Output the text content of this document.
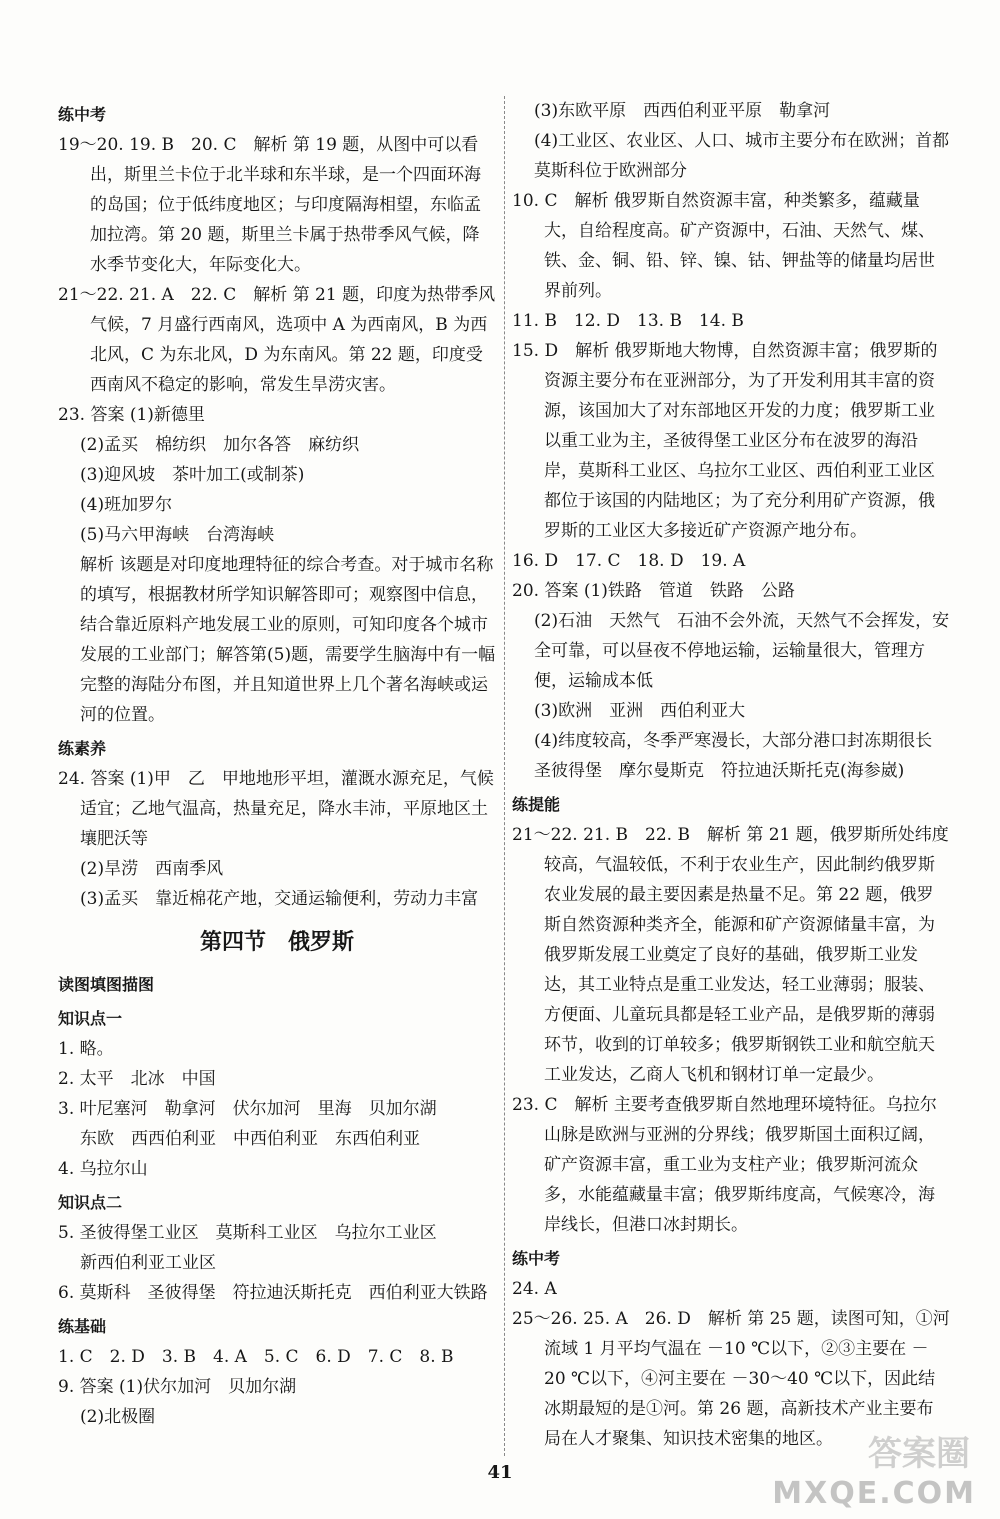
练中考

19～20. 19. B　20. C　解析 第 19 题，从图中可以看出，斯里兰卡位于北半球和东半球，是一个四面环海的岛国；位于低纬度地区；与印度隔海相望，东临孟加拉湾。第 20 题，斯里兰卡属于热带季风气候，降水季节变化大，年际变化大。

21～22. 21. A　22. C　解析 第 21 题，印度为热带季风气候，7 月盛行西南风，选项中 A 为西南风，B 为西北风，C 为东北风，D 为东南风。第 22 题，印度受西南风不稳定的影响，常发生旱涝灾害。

23. 答案 (1)新德里

(2)孟买　棉纺织　加尔各答　麻纺织

(3)迎风坡　茶叶加工(或制茶)

(4)班加罗尔

(5)马六甲海峡　台湾海峡

解析 该题是对印度地理特征的综合考查。对于城市名称的填写，根据教材所学知识解答即可；观察图中信息，结合靠近原料产地发展工业的原则，可知印度各个城市发展的工业部门；解答第(5)题，需要学生脑海中有一幅完整的海陆分布图，并且知道世界上几个著名海峡或运河的位置。

练素养

24. 答案 (1)甲　乙　甲地地形平坦，灌溉水源充足，气候适宜；乙地气温高，热量充足，降水丰沛，平原地区土壤肥沃等

(2)旱涝　西南季风

(3)孟买　靠近棉花产地，交通运输便利，劳动力丰富

第四节　俄罗斯

读图填图描图

知识点一

1. 略。

2. 太平　北冰　中国

3. 叶尼塞河　勒拿河　伏尔加河　里海　贝加尔湖

东欧　西西伯利亚　中西伯利亚　东西伯利亚

4. 乌拉尔山

知识点二

5. 圣彼得堡工业区　莫斯科工业区　乌拉尔工业区

新西伯利亚工业区

6. 莫斯科　圣彼得堡　符拉迪沃斯托克　西伯利亚大铁路

练基础

1. C　2. D　3. B　4. A　5. C　6. D　7. C　8. B

9. 答案 (1)伏尔加河　贝加尔湖

(2)北极圈

(3)东欧平原　西西伯利亚平原　勒拿河

(4)工业区、农业区、人口、城市主要分布在欧洲；首都莫斯科位于欧洲部分

10. C　解析 俄罗斯自然资源丰富，种类繁多，蕴藏量大，自给程度高。矿产资源中，石油、天然气、煤、铁、金、铜、铅、锌、镍、钴、钾盐等的储量均居世界前列。

11. B　12. D　13. B　14. B

15. D　解析 俄罗斯地大物博，自然资源丰富；俄罗斯的资源主要分布在亚洲部分，为了开发利用其丰富的资源，该国加大了对东部地区开发的力度；俄罗斯工业以重工业为主，圣彼得堡工业区分布在波罗的海沿岸，莫斯科工业区、乌拉尔工业区、西伯利亚工业区都位于该国的内陆地区；为了充分利用矿产资源，俄罗斯的工业区大多接近矿产资源产地分布。

16. D　17. C　18. D　19. A

20. 答案 (1)铁路　管道　铁路　公路

(2)石油　天然气　石油不会外流，天然气不会挥发，安全可靠，可以昼夜不停地运输，运输量很大，管理方便，运输成本低

(3)欧洲　亚洲　西伯利亚大

(4)纬度较高，冬季严寒漫长，大部分港口封冻期很长

圣彼得堡　摩尔曼斯克　符拉迪沃斯托克(海参崴)

练提能

21～22. 21. B　22. B　解析 第 21 题，俄罗斯所处纬度较高，气温较低，不利于农业生产，因此制约俄罗斯农业发展的最主要因素是热量不足。第 22 题，俄罗斯自然资源种类齐全，能源和矿产资源储量丰富，为俄罗斯发展工业奠定了良好的基础，俄罗斯工业发达，其工业特点是重工业发达，轻工业薄弱；服装、方便面、儿童玩具都是轻工业产品，是俄罗斯的薄弱环节，收到的订单较多；俄罗斯钢铁工业和航空航天工业发达，乙商人飞机和钢材订单一定最少。

23. C　解析 主要考查俄罗斯自然地理环境特征。乌拉尔山脉是欧洲与亚洲的分界线；俄罗斯国土面积辽阔，矿产资源丰富，重工业为支柱产业；俄罗斯河流众多，水能蕴藏量丰富；俄罗斯纬度高，气候寒冷，海岸线长，但港口冰封期长。

练中考

24. A

25～26. 25. A　26. D　解析 第 25 题，读图可知，①河流域 1 月平均气温在 －10 ℃以下，②③主要在 －20 ℃以下，④河主要在 －30～40 ℃以下，因此结冰期最短的是①河。第 26 题，高新技术产业主要布局在人才聚集、知识技术密集的地区。

41	答案圈
MXQE.COM
